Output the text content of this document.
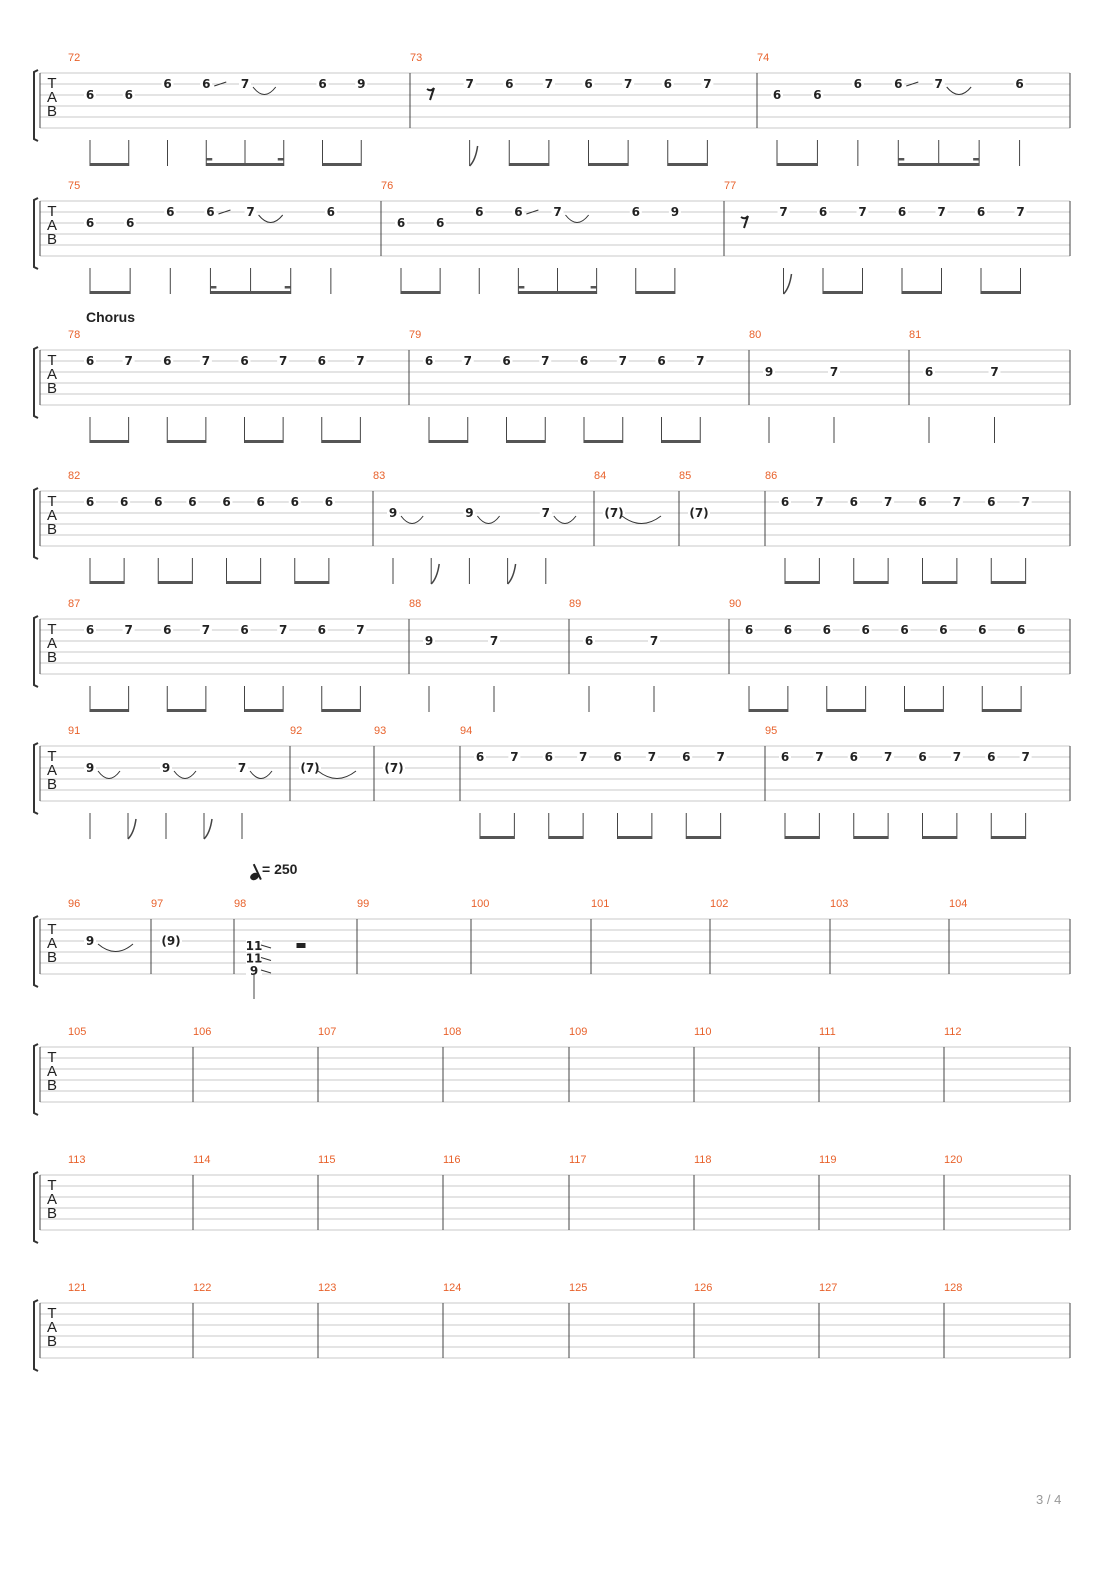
T
A
B
72
6	6
6	6	7	6	9
73
7	6	7	6	7	6	7
74
6	6
6	6	7	6
T
A
B
75
6	6
6	6	7	6
76
6	6
6	6	7	6	9
77
7	6	7	6	7	6	7
T
A
B
78
6	7	6	7	6	7	6	7
79
6	7	6	7	6	7	6	7
80
9	7
81
6	7
T
A
B
82
6 6 6 6 6 6 6 6
83
9	9	7
84
(7)
85
(7)
86
6 7 6 7 6 7 6 7
T
A
B
87
6	7	6	7	6	7	6	7
88
9	7
89
6	7
90
6	6	6	6	6	6	6	6
T
A
B
91
9	9	7
92
(7)
93
(7)
94
6 7 6 7 6 7 6 7
95
6 7 6 7 6 7 6 7
T
A
B
96
9
97
(9)
98
11
11
9
99	100	101	102	103	104
T
A
B
105	106	107	108	109	110	111	112
T
A
B
113	114	115	116	117	118	119	120
T
A
B
121	122	123	124	125	126	127	128
Chorus
= 250
3 / 4
